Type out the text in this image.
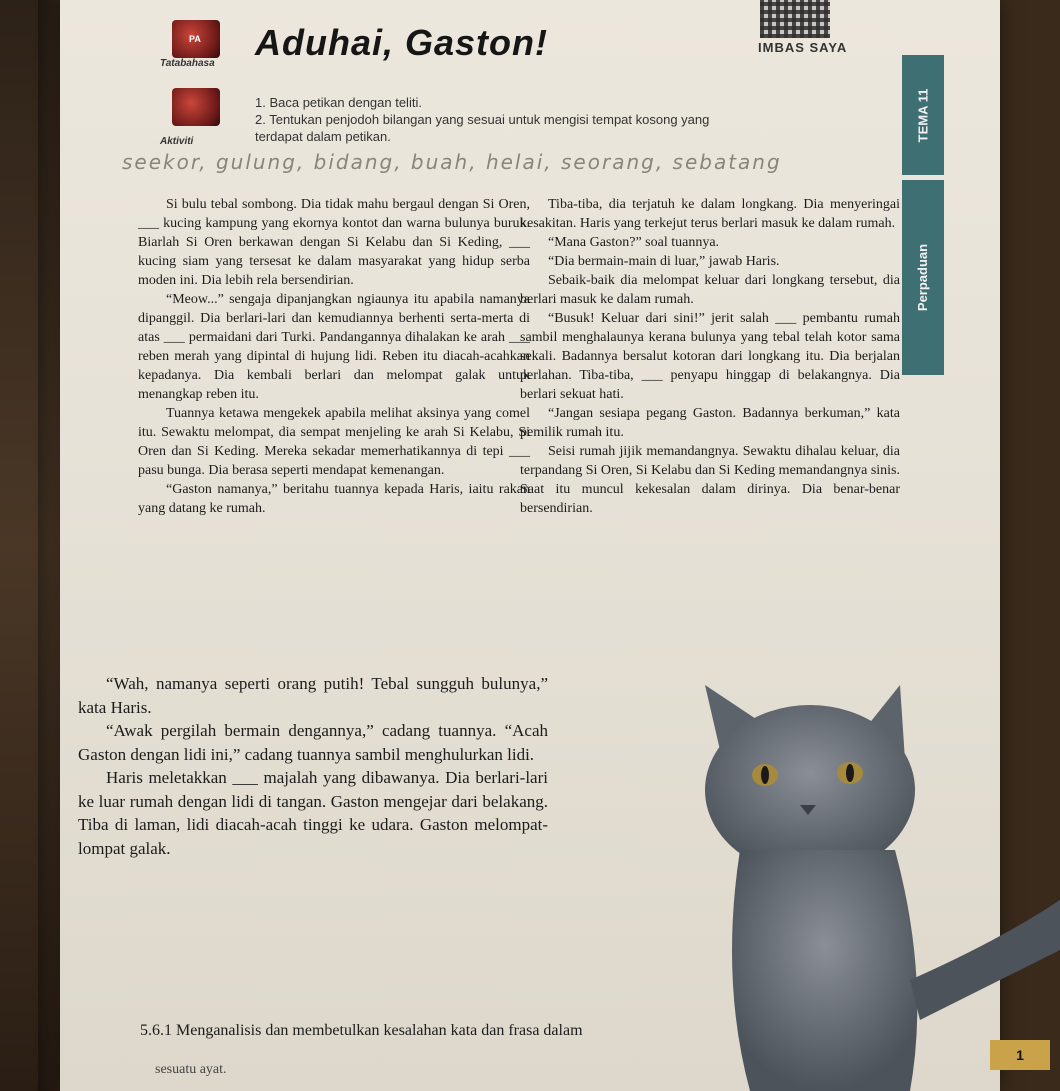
PA
Tatabahasa
Aduhai, Gaston!	IMBAS SAYA
Aktiviti
1. Baca petikan dengan teliti.
2. Tentukan penjodoh bilangan yang sesuai untuk mengisi tempat kosong yang
terdapat dalam petikan.
seekor, gulung, bidang, buah, helai, seorang, sebatang
TEMA 11
Perpaduan

Si bulu tebal sombong. Dia tidak mahu bergaul dengan Si Oren, ___ kucing kampung yang ekornya kontot dan warna bulunya buruk. Biarlah Si Oren berkawan dengan Si Kelabu dan Si Keding, ___ kucing siam yang tersesat ke dalam masyarakat yang hidup serba moden ini. Dia lebih rela bersendirian.

“Meow...” sengaja dipanjangkan ngiaunya itu apabila namanya dipanggil. Dia berlari-lari dan kemudiannya berhenti serta-merta di atas ___ permaidani dari Turki. Pandangannya dihalakan ke arah ___ reben merah yang dipintal di hujung lidi. Reben itu diacah-acahkan kepadanya. Dia kembali berlari dan melompat galak untuk menangkap reben itu.

Tuannya ketawa mengekek apabila melihat aksinya yang comel itu. Sewaktu melompat, dia sempat menjeling ke arah Si Kelabu, Si Oren dan Si Keding. Mereka sekadar memerhatikannya di tepi ___ pasu bunga. Dia berasa seperti mendapat kemenangan.

“Gaston namanya,” beritahu tuannya kepada Haris, iaitu rakan yang datang ke rumah.

Tiba-tiba, dia terjatuh ke dalam longkang. Dia menyeringai kesakitan. Haris yang terkejut terus berlari masuk ke dalam rumah.

“Mana Gaston?” soal tuannya.

“Dia bermain-main di luar,” jawab Haris.

Sebaik-baik dia melompat keluar dari longkang tersebut, dia berlari masuk ke dalam rumah.

“Busuk! Keluar dari sini!” jerit salah ___ pembantu rumah sambil menghalaunya kerana bulunya yang tebal telah kotor sama sekali. Badannya bersalut kotoran dari longkang itu. Dia berjalan perlahan. Tiba-tiba, ___ penyapu hinggap di belakangnya. Dia berlari sekuat hati.

“Jangan sesiapa pegang Gaston. Badannya berkuman,” kata pemilik rumah itu.

Seisi rumah jijik memandangnya. Sewaktu dihalau keluar, dia terpandang Si Oren, Si Kelabu dan Si Keding memandangnya sinis. Saat itu muncul kekesalan dalam dirinya. Dia benar-benar bersendirian.

“Wah, namanya seperti orang putih! Tebal sungguh bulunya,” kata Haris.

“Awak pergilah bermain dengannya,” cadang tuannya. “Acah Gaston dengan lidi ini,” cadang tuannya sambil menghulurkan lidi.

Haris meletakkan ___ majalah yang dibawanya. Dia berlari-lari ke luar rumah dengan lidi di tangan. Gaston mengejar dari belakang. Tiba di laman, lidi diacah-acah tinggi ke udara. Gaston melompat-lompat galak.

5.6.1 Menganalisis dan membetulkan kesalahan kata dan frasa dalam
sesuatu ayat.
1
